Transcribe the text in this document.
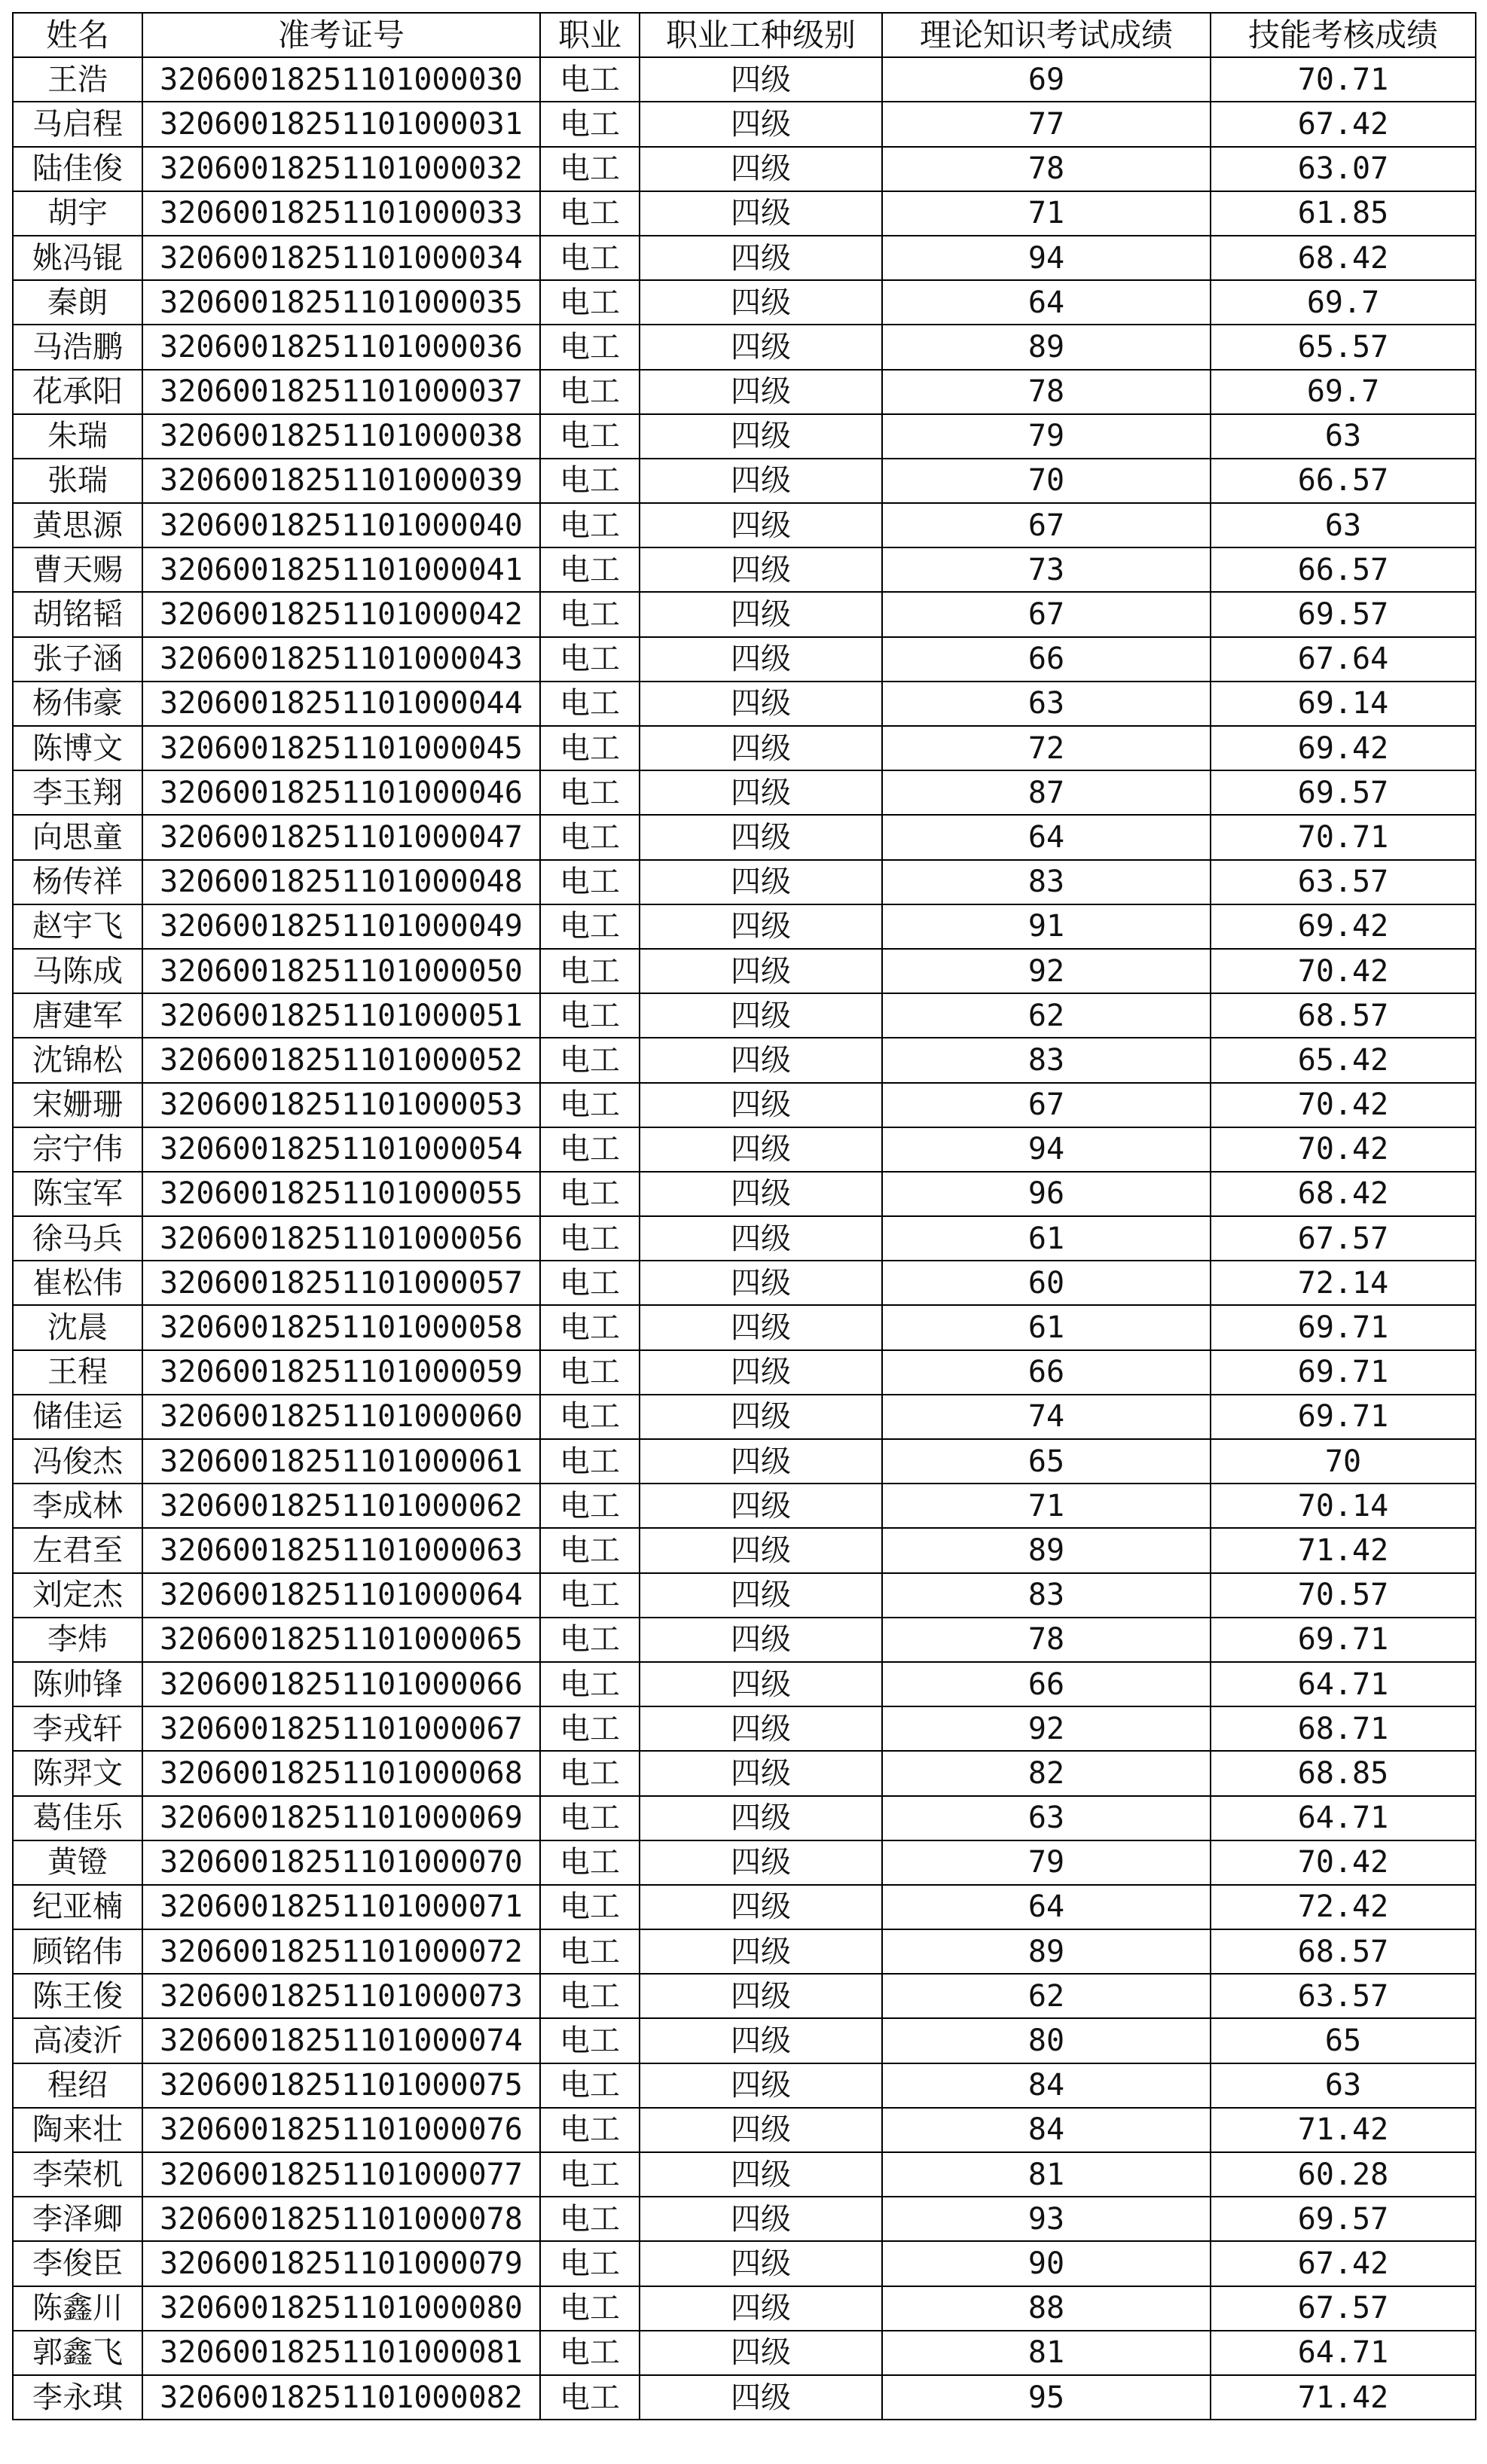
姓名	准考证号	职业	职业工种级别	理论知识考试成绩	技能考核成绩
王浩	32060018251101000030	电工	四级	69	70.71
马启程	32060018251101000031	电工	四级	77	67.42
陆佳俊	32060018251101000032	电工	四级	78	63.07
胡宇	32060018251101000033	电工	四级	71	61.85
姚冯锟	32060018251101000034	电工	四级	94	68.42
秦朗	32060018251101000035	电工	四级	64	69.7
马浩鹏	32060018251101000036	电工	四级	89	65.57
花承阳	32060018251101000037	电工	四级	78	69.7
朱瑞	32060018251101000038	电工	四级	79	63
张瑞	32060018251101000039	电工	四级	70	66.57
黄思源	32060018251101000040	电工	四级	67	63
曹天赐	32060018251101000041	电工	四级	73	66.57
胡铭韬	32060018251101000042	电工	四级	67	69.57
张子涵	32060018251101000043	电工	四级	66	67.64
杨伟豪	32060018251101000044	电工	四级	63	69.14
陈博文	32060018251101000045	电工	四级	72	69.42
李玉翔	32060018251101000046	电工	四级	87	69.57
向思童	32060018251101000047	电工	四级	64	70.71
杨传祥	32060018251101000048	电工	四级	83	63.57
赵宇飞	32060018251101000049	电工	四级	91	69.42
马陈成	32060018251101000050	电工	四级	92	70.42
唐建军	32060018251101000051	电工	四级	62	68.57
沈锦松	32060018251101000052	电工	四级	83	65.42
宋姗珊	32060018251101000053	电工	四级	67	70.42
宗宁伟	32060018251101000054	电工	四级	94	70.42
陈宝军	32060018251101000055	电工	四级	96	68.42
徐马兵	32060018251101000056	电工	四级	61	67.57
崔松伟	32060018251101000057	电工	四级	60	72.14
沈晨	32060018251101000058	电工	四级	61	69.71
王程	32060018251101000059	电工	四级	66	69.71
储佳运	32060018251101000060	电工	四级	74	69.71
冯俊杰	32060018251101000061	电工	四级	65	70
李成林	32060018251101000062	电工	四级	71	70.14
左君至	32060018251101000063	电工	四级	89	71.42
刘定杰	32060018251101000064	电工	四级	83	70.57
李炜	32060018251101000065	电工	四级	78	69.71
陈帅锋	32060018251101000066	电工	四级	66	64.71
李戎轩	32060018251101000067	电工	四级	92	68.71
陈羿文	32060018251101000068	电工	四级	82	68.85
葛佳乐	32060018251101000069	电工	四级	63	64.71
黄镫	32060018251101000070	电工	四级	79	70.42
纪亚楠	32060018251101000071	电工	四级	64	72.42
顾铭伟	32060018251101000072	电工	四级	89	68.57
陈王俊	32060018251101000073	电工	四级	62	63.57
高凌沂	32060018251101000074	电工	四级	80	65
程绍	32060018251101000075	电工	四级	84	63
陶来壮	32060018251101000076	电工	四级	84	71.42
李荣机	32060018251101000077	电工	四级	81	60.28
李泽卿	32060018251101000078	电工	四级	93	69.57
李俊臣	32060018251101000079	电工	四级	90	67.42
陈鑫川	32060018251101000080	电工	四级	88	67.57
郭鑫飞	32060018251101000081	电工	四级	81	64.71
李永琪	32060018251101000082	电工	四级	95	71.42
